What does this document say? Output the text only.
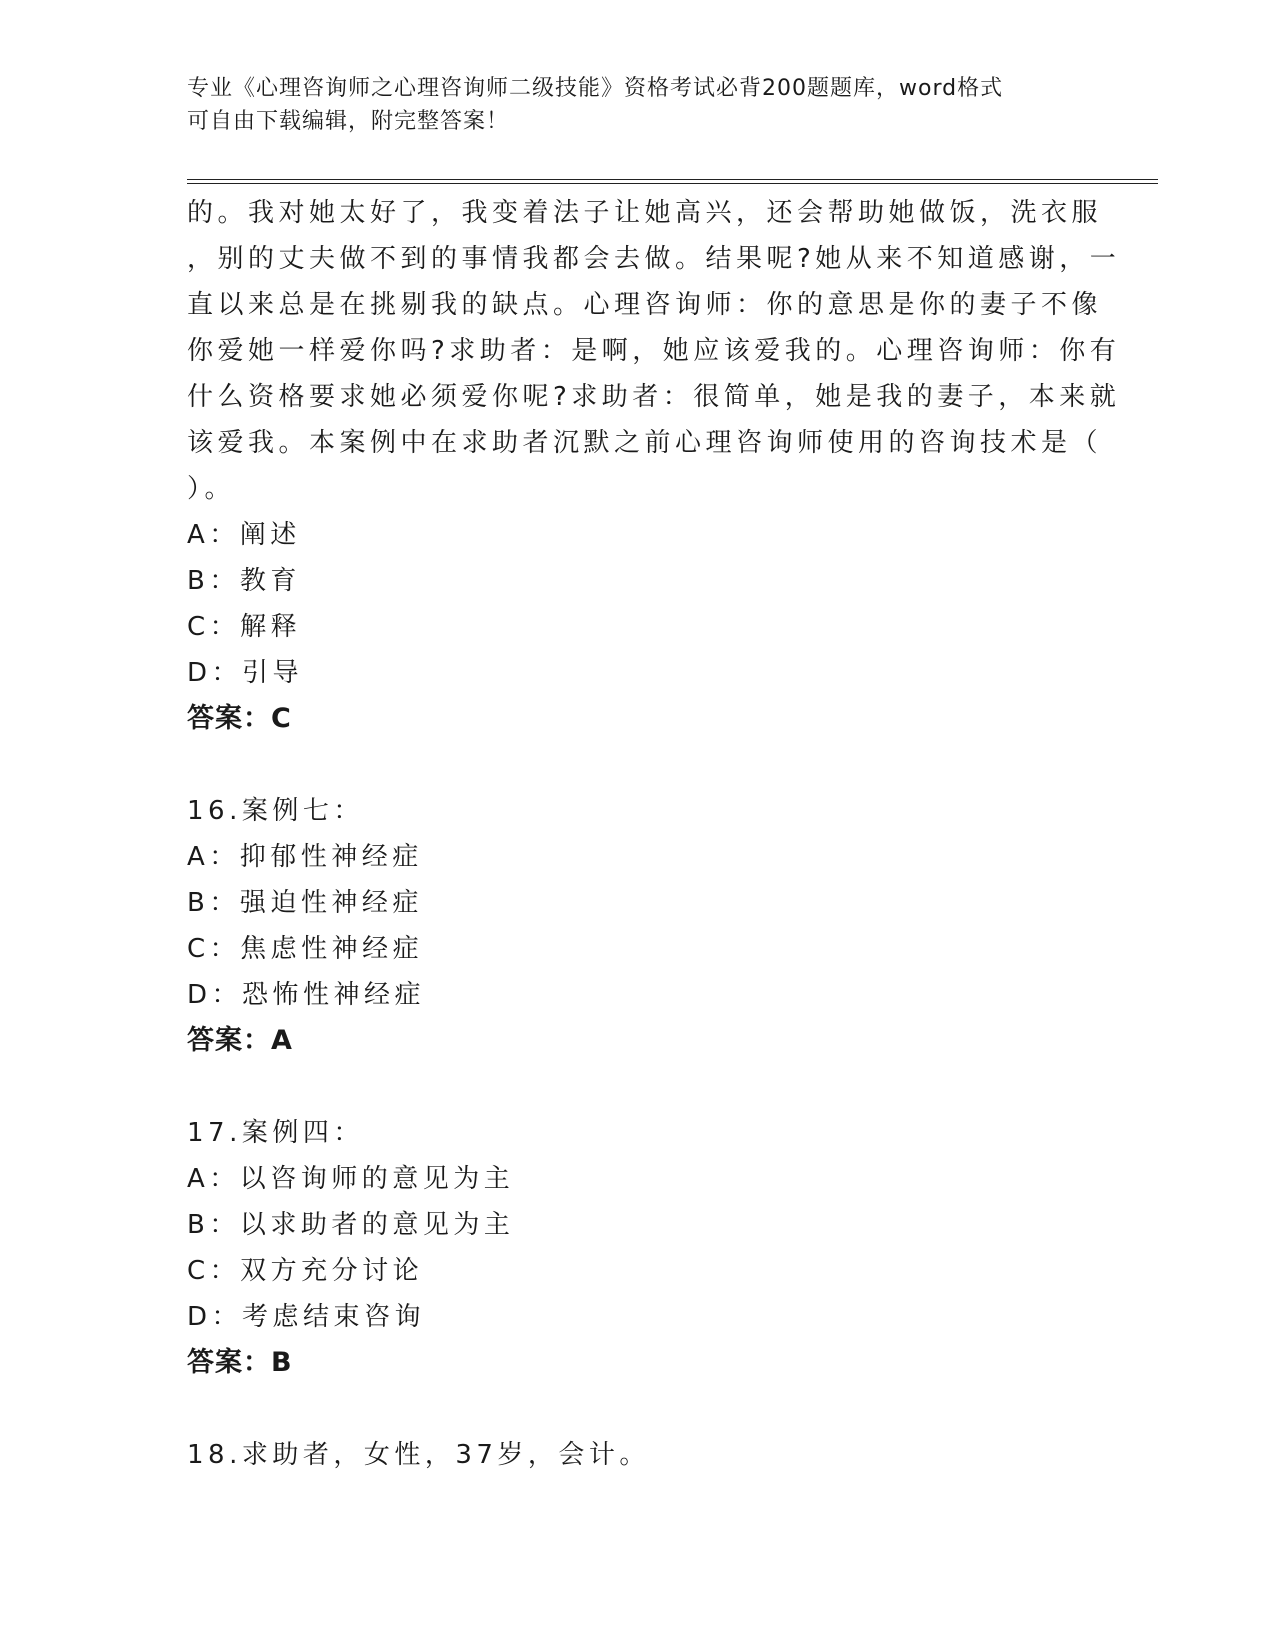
专业《心理咨询师之心理咨询师二级技能》资格考试必背200题题库，word格式
可自由下载编辑，附完整答案！
的。我对她太好了，我变着法子让她高兴，还会帮助她做饭，洗衣服
，别的丈夫做不到的事情我都会去做。结果呢?她从来不知道感谢，一
直以来总是在挑剔我的缺点。心理咨询师：你的意思是你的妻子不像
你爱她一样爱你吗?求助者：是啊，她应该爱我的。心理咨询师：你有
什么资格要求她必须爱你呢?求助者：很简单，她是我的妻子，本来就
该爱我。本案例中在求助者沉默之前心理咨询师使用的咨询技术是（
）。
A：阐述
B：教育
C：解释
D：引导
答案：C
16.案例七：
A：抑郁性神经症
B：强迫性神经症
C：焦虑性神经症
D：恐怖性神经症
答案：A
17.案例四：
A：以咨询师的意见为主
B：以求助者的意见为主
C：双方充分讨论
D：考虑结束咨询
答案：B
18.求助者，女性，37岁，会计。
